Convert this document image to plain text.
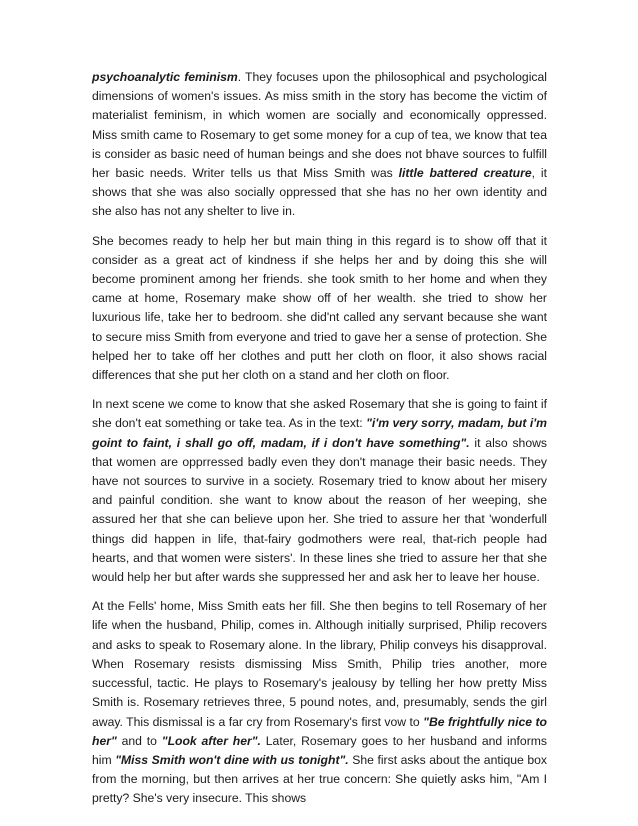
psychoanalytic feminism. They focuses upon the philosophical and psychological dimensions of women's issues. As miss smith in the story has become the victim of materialist feminism, in which women are socially and economically oppressed. Miss smith came to Rosemary to get some money for a cup of tea, we know that tea is consider as basic need of human beings and she does not bhave sources to fulfill her basic needs. Writer tells us that Miss Smith was little battered creature, it shows that she was also socially oppressed that she has no her own identity and she also has not any shelter to live in.

She becomes ready to help her but main thing in this regard is to show off that it consider as a great act of kindness if she helps her and by doing this she will become prominent among her friends. she took smith to her home and when they came at home, Rosemary make show off of her wealth. she tried to show her luxurious life, take her to bedroom. she did'nt called any servant because she want to secure miss Smith from everyone and tried to gave her a sense of protection. She helped her to take off her clothes and putt her cloth on floor, it also shows racial differences that she put her cloth on a stand and her cloth on floor.

In next scene we come to know that she asked Rosemary that she is going to faint if she don't eat something or take tea. As in the text: "i'm very sorry, madam, but i'm goint to faint, i shall go off, madam, if i don't have something". it also shows that women are opprressed badly even they don't manage their basic needs. They have not sources to survive in a society. Rosemary tried to know about her misery and painful condition. she want to know about the reason of her weeping, she assured her that she can believe upon her. She tried to assure her that 'wonderfull things did happen in life, that-fairy godmothers were real, that-rich people had hearts, and that women were sisters'. In these lines she tried to assure her that she would help her but after wards she suppressed her and ask her to leave her house.

At the Fells' home, Miss Smith eats her fill. She then begins to tell Rosemary of her life when the husband, Philip, comes in. Although initially surprised, Philip recovers and asks to speak to Rosemary alone. In the library, Philip conveys his disapproval. When Rosemary resists dismissing Miss Smith, Philip tries another, more successful, tactic. He plays to Rosemary's jealousy by telling her how pretty Miss Smith is. Rosemary retrieves three, 5 pound notes, and, presumably, sends the girl away. This dismissal is a far cry from Rosemary's first vow to "Be frightfully nice to her" and to "Look after her". Later, Rosemary goes to her husband and informs him "Miss Smith won't dine with us tonight". She first asks about the antique box from the morning, but then arrives at her true concern: She quietly asks him, "Am I pretty? She's very insecure. This shows
